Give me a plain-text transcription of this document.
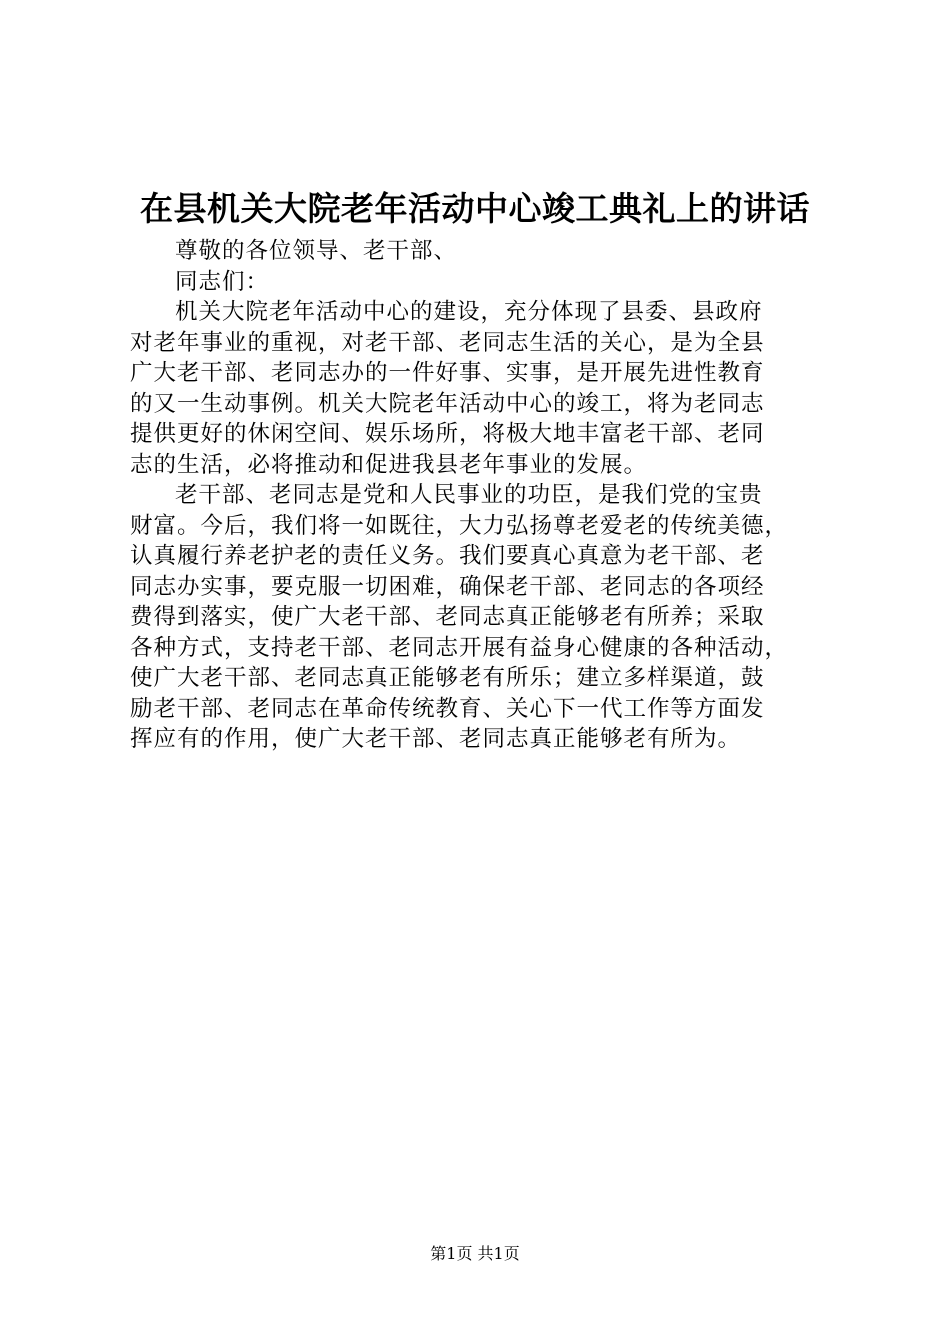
在县机关大院老年活动中心竣工典礼上的讲话
尊敬的各位领导、老干部、
同志们：
机关大院老年活动中心的建设，充分体现了县委、县政府
对老年事业的重视，对老干部、老同志生活的关心，是为全县
广大老干部、老同志办的一件好事、实事，是开展先进性教育
的又一生动事例。机关大院老年活动中心的竣工，将为老同志
提供更好的休闲空间、娱乐场所，将极大地丰富老干部、老同
志的生活，必将推动和促进我县老年事业的发展。
老干部、老同志是党和人民事业的功臣，是我们党的宝贵
财富。今后，我们将一如既往，大力弘扬尊老爱老的传统美德，
认真履行养老护老的责任义务。我们要真心真意为老干部、老
同志办实事，要克服一切困难，确保老干部、老同志的各项经
费得到落实，使广大老干部、老同志真正能够老有所养；采取
各种方式，支持老干部、老同志开展有益身心健康的各种活动，
使广大老干部、老同志真正能够老有所乐；建立多样渠道，鼓
励老干部、老同志在革命传统教育、关心下一代工作等方面发
挥应有的作用，使广大老干部、老同志真正能够老有所为。
第1页 共1页
